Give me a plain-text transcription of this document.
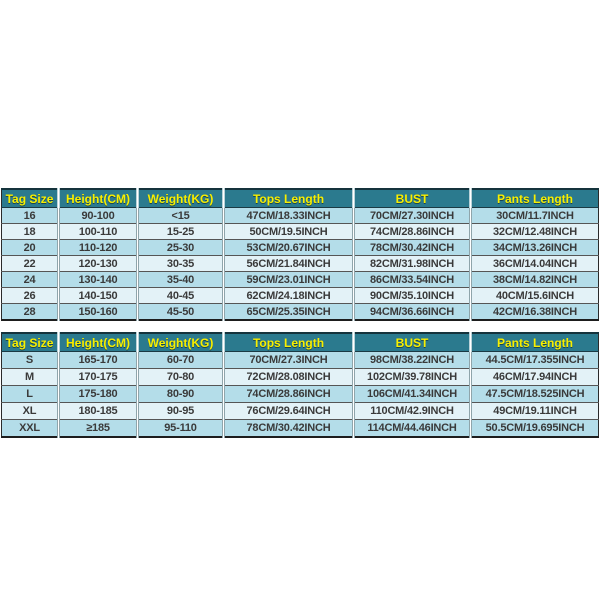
Tag Size	Height(CM)	Weight(KG)	Tops Length	BUST	Pants Length
16	90-100	<15	47CM/18.33INCH	70CM/27.30INCH	30CM/11.7INCH
18	100-110	15-25	50CM/19.5INCH	74CM/28.86INCH	32CM/12.48INCH
20	110-120	25-30	53CM/20.67INCH	78CM/30.42INCH	34CM/13.26INCH
22	120-130	30-35	56CM/21.84INCH	82CM/31.98INCH	36CM/14.04INCH
24	130-140	35-40	59CM/23.01INCH	86CM/33.54INCH	38CM/14.82INCH
26	140-150	40-45	62CM/24.18INCH	90CM/35.10INCH	40CM/15.6INCH
28	150-160	45-50	65CM/25.35INCH	94CM/36.66INCH	42CM/16.38INCH
Tag Size	Height(CM)	Weight(KG)	Tops Length	BUST	Pants Length
S	165-170	60-70	70CM/27.3INCH	98CM/38.22INCH	44.5CM/17.355INCH
M	170-175	70-80	72CM/28.08INCH	102CM/39.78INCH	46CM/17.94INCH
L	175-180	80-90	74CM/28.86INCH	106CM/41.34INCH	47.5CM/18.525INCH
XL	180-185	90-95	76CM/29.64INCH	110CM/42.9INCH	49CM/19.11INCH
XXL	≥185	95-110	78CM/30.42INCH	114CM/44.46INCH	50.5CM/19.695INCH
